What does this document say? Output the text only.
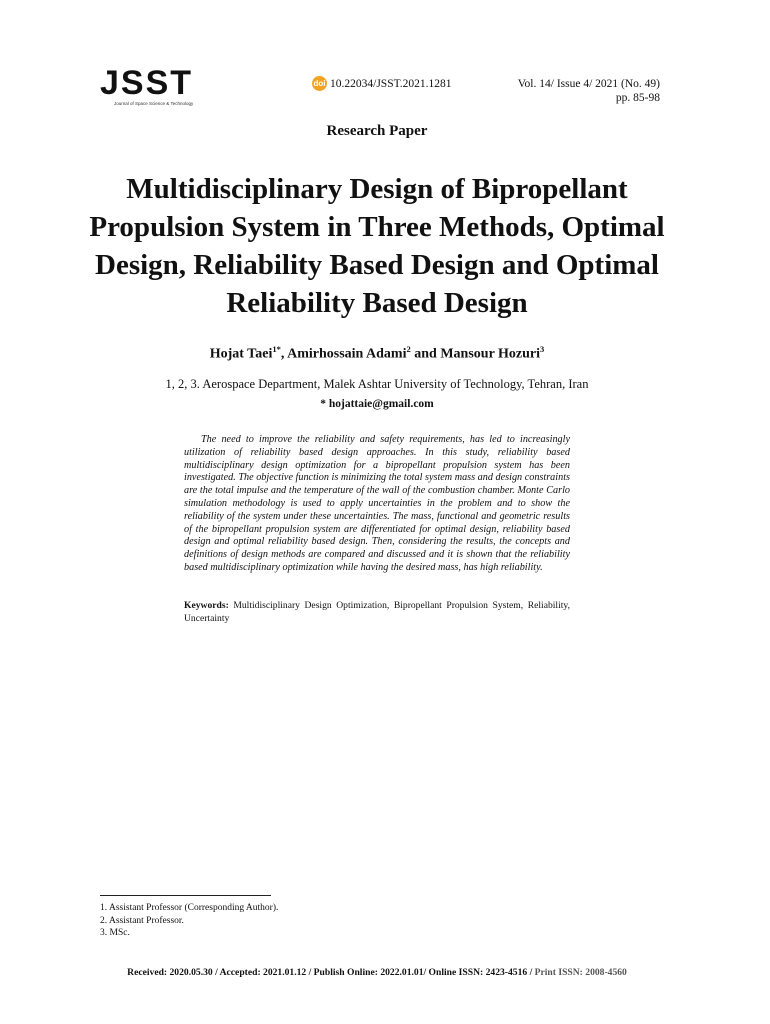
JSST
Journal of Space Science & Technology
doi 10.22034/JSST.2021.1281	Vol. 14/ Issue 4/ 2021 (No. 49)
pp. 85-98
Research Paper
Multidisciplinary Design of Bipropellant Propulsion System in Three Methods, Optimal Design, Reliability Based Design and Optimal Reliability Based Design
Hojat Taei$^{1*}$, Amirhossain Adami$^2$ and Mansour Hozuri$^3$
1, 2, 3. Aerospace Department, Malek Ashtar University of Technology, Tehran, Iran
* hojattaie@gmail.com

The need to improve the reliability and safety requirements, has led to increasingly utilization of reliability based design approaches. In this study, reliability based multidisciplinary design optimization for a bipropellant propulsion system has been investigated. The objective function is minimizing the total system mass and design constraints are the total impulse and the temperature of the wall of the combustion chamber. Monte Carlo simulation methodology is used to apply uncertainties in the problem and to show the reliability of the system under these uncertainties. The mass, functional and geometric results of the bipropellant propulsion system are differentiated for optimal design, reliability based design and optimal reliability based design. Then, considering the results, the concepts and definitions of design methods are compared and discussed and it is shown that the reliability based multidisciplinary optimization while having the desired mass, has high reliability.

Keywords: Multidisciplinary Design Optimization, Bipropellant Propulsion System, Reliability, Uncertainty

1. Assistant Professor (Corresponding Author).
2. Assistant Professor.
3. MSc.
Received: 2020.05.30 / Accepted: 2021.01.12 / Publish Online: 2022.01.01/ Online ISSN: 2423-4516 / Print ISSN: 2008-4560
